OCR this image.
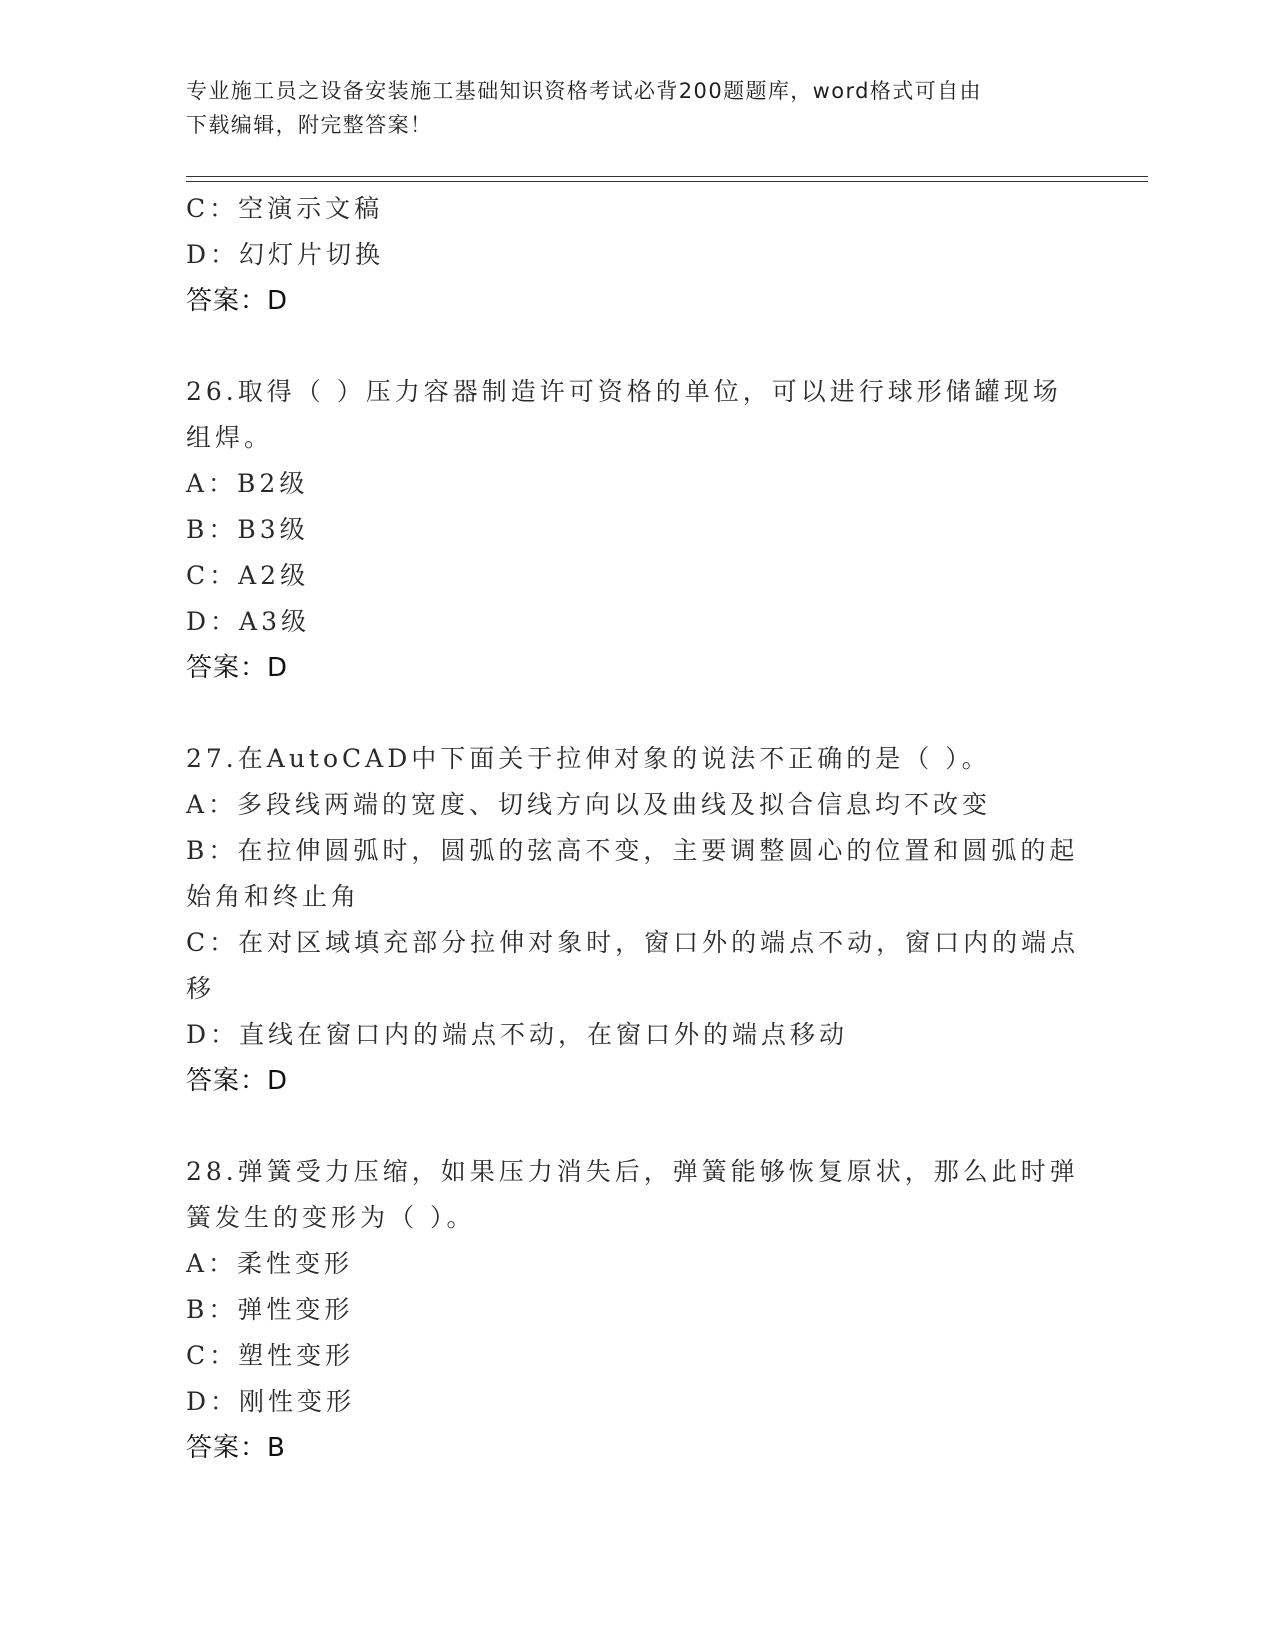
专业施工员之设备安装施工基础知识资格考试必背200题题库，word格式可自由
下载编辑，附完整答案！
C：空演示文稿
D：幻灯片切换
答案：D
26.取得（ ）压力容器制造许可资格的单位，可以进行球形储罐现场
组焊。
A：B2级
B：B3级
C：A2级
D：A3级
答案：D
27.在AutoCAD中下面关于拉伸对象的说法不正确的是（ ）。
A：多段线两端的宽度、切线方向以及曲线及拟合信息均不改变
B：在拉伸圆弧时，圆弧的弦高不变，主要调整圆心的位置和圆弧的起
始角和终止角
C：在对区域填充部分拉伸对象时，窗口外的端点不动，窗口内的端点
移
D：直线在窗口内的端点不动，在窗口外的端点移动
答案：D
28.弹簧受力压缩，如果压力消失后，弹簧能够恢复原状，那么此时弹
簧发生的变形为（ ）。
A：柔性变形
B：弹性变形
C：塑性变形
D：刚性变形
答案：B
